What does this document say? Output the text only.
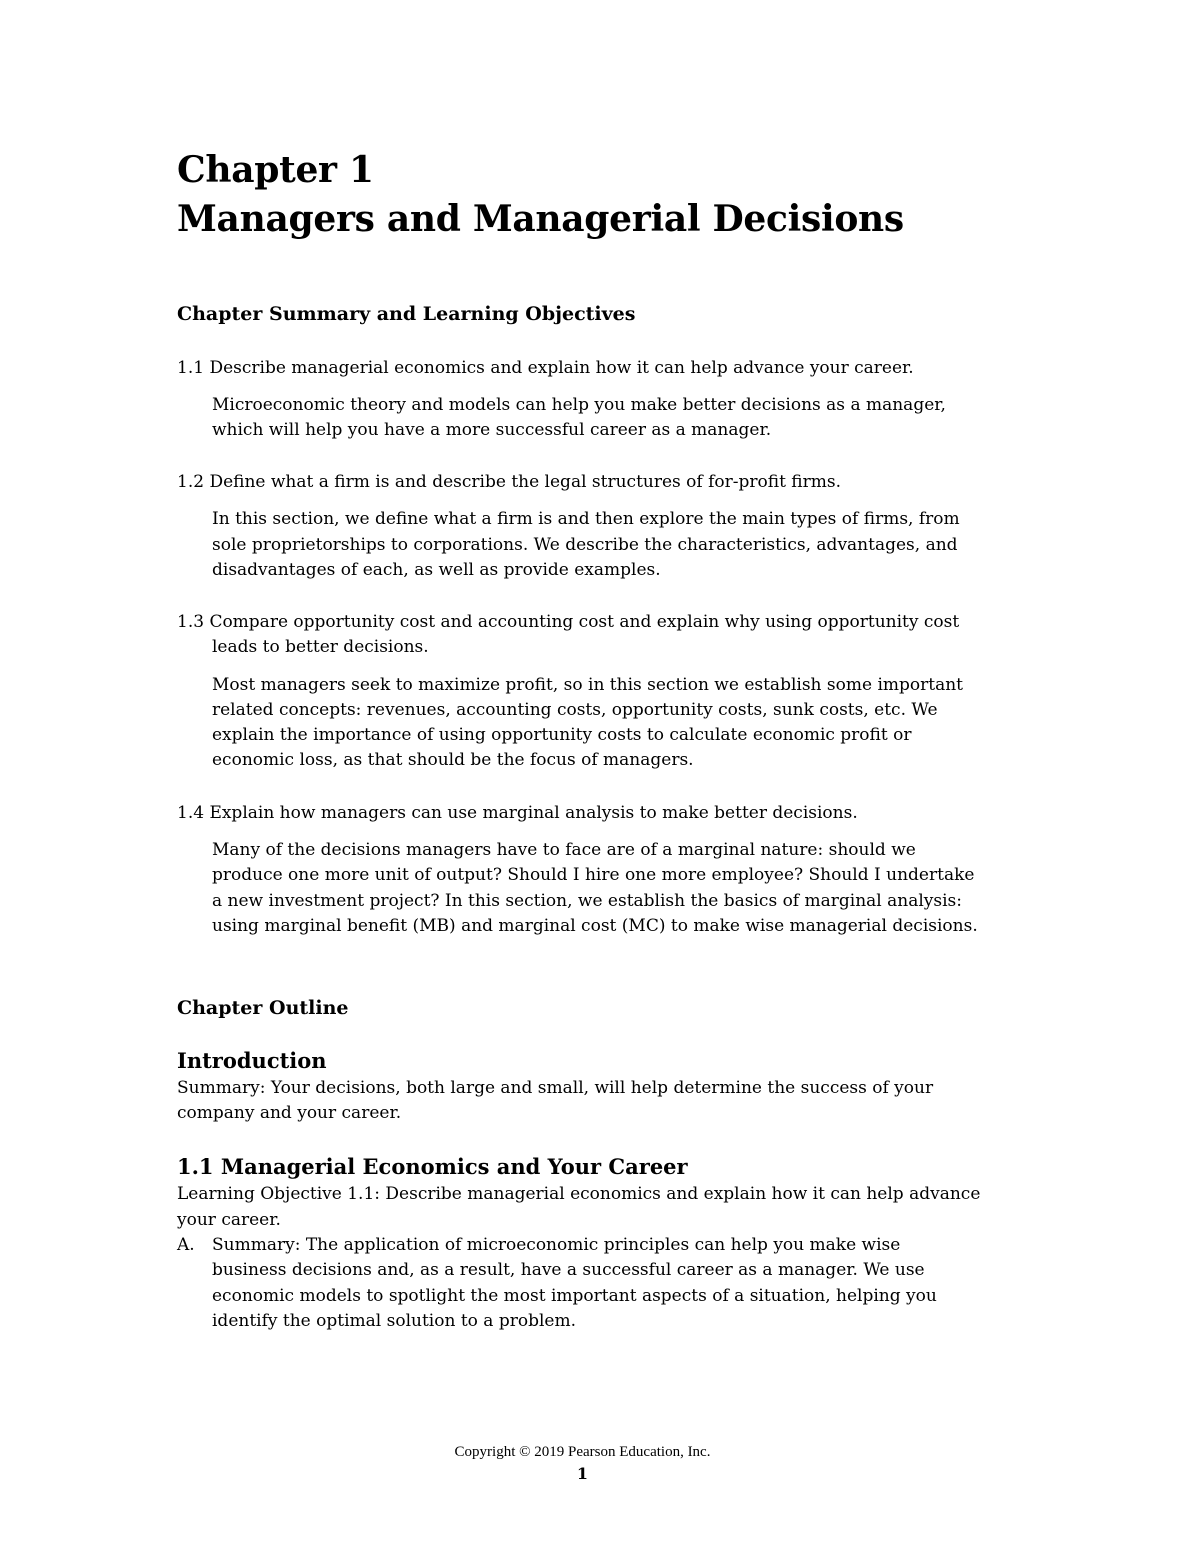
Chapter 1
Managers and Managerial Decisions
Chapter Summary and Learning Objectives
1.1 Describe managerial economics and explain how it can help advance your career.
Microeconomic theory and models can help you make better decisions as a manager,
which will help you have a more successful career as a manager.
1.2 Define what a firm is and describe the legal structures of for-profit firms.
In this section, we define what a firm is and then explore the main types of firms, from
sole proprietorships to corporations. We describe the characteristics, advantages, and
disadvantages of each, as well as provide examples.
1.3 Compare opportunity cost and accounting cost and explain why using opportunity cost
leads to better decisions.
Most managers seek to maximize profit, so in this section we establish some important
related concepts: revenues, accounting costs, opportunity costs, sunk costs, etc. We
explain the importance of using opportunity costs to calculate economic profit or
economic loss, as that should be the focus of managers.
1.4 Explain how managers can use marginal analysis to make better decisions.
Many of the decisions managers have to face are of a marginal nature: should we
produce one more unit of output? Should I hire one more employee? Should I undertake
a new investment project? In this section, we establish the basics of marginal analysis:
using marginal benefit (MB) and marginal cost (MC) to make wise managerial decisions.
Chapter Outline
Introduction
Summary: Your decisions, both large and small, will help determine the success of your
company and your career.
1.1 Managerial Economics and Your Career
Learning Objective 1.1: Describe managerial economics and explain how it can help advance
your career.
A. Summary: The application of microeconomic principles can help you make wise
business decisions and, as a result, have a successful career as a manager. We use
economic models to spotlight the most important aspects of a situation, helping you
identify the optimal solution to a problem.
Copyright © 2019 Pearson Education, Inc.
1
